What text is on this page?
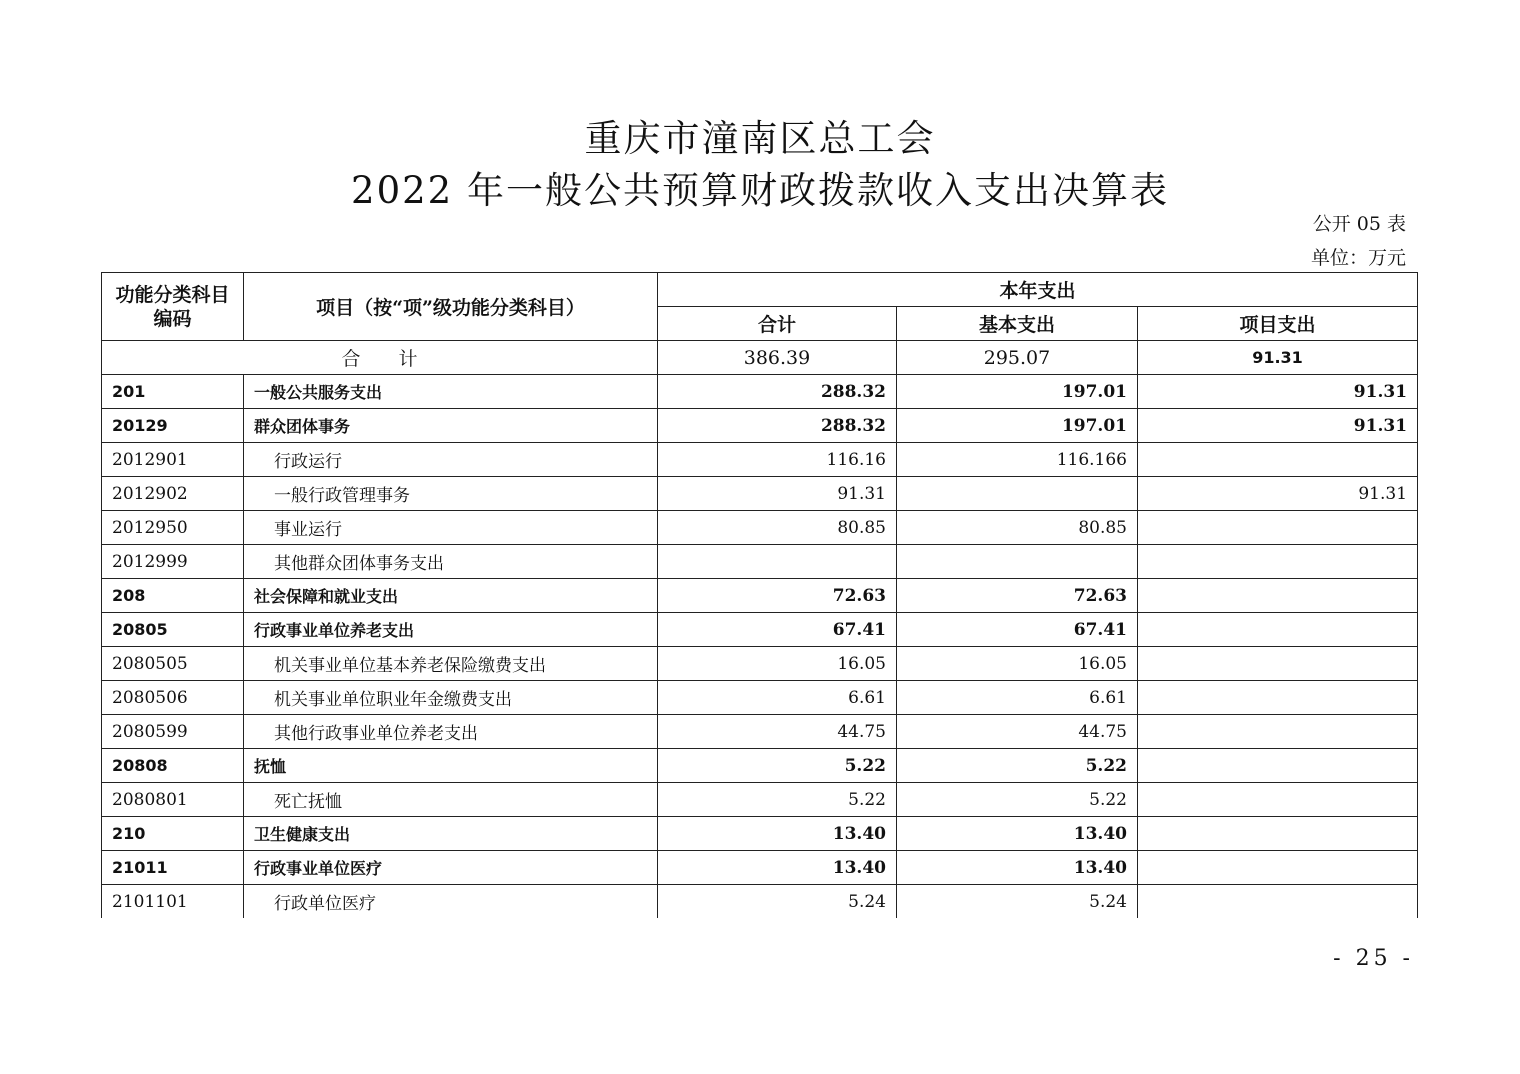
重庆市潼南区总工会
2022 年一般公共预算财政拨款收入支出决算表
公开 05 表
单位：万元
功能分类科目编码	项目（按“项”级功能分类科目）	本年支出		
		合计	基本支出	项目支出
合　　计		386.39	295.07	91.31
201	一般公共服务支出	288.32	197.01	91.31
20129	群众团体事务	288.32	197.01	91.31
2012901	行政运行	116.16	116.166	
2012902	一般行政管理事务	91.31		91.31
2012950	事业运行	80.85	80.85	
2012999	其他群众团体事务支出			
208	社会保障和就业支出	72.63	72.63	
20805	行政事业单位养老支出	67.41	67.41	
2080505	机关事业单位基本养老保险缴费支出	16.05	16.05	
2080506	机关事业单位职业年金缴费支出	6.61	6.61	
2080599	其他行政事业单位养老支出	44.75	44.75	
20808	抚恤	5.22	5.22	
2080801	死亡抚恤	5.22	5.22	
210	卫生健康支出	13.40	13.40	
21011	行政事业单位医疗	13.40	13.40	
2101101	行政单位医疗	5.24	5.24	
- 25 -
